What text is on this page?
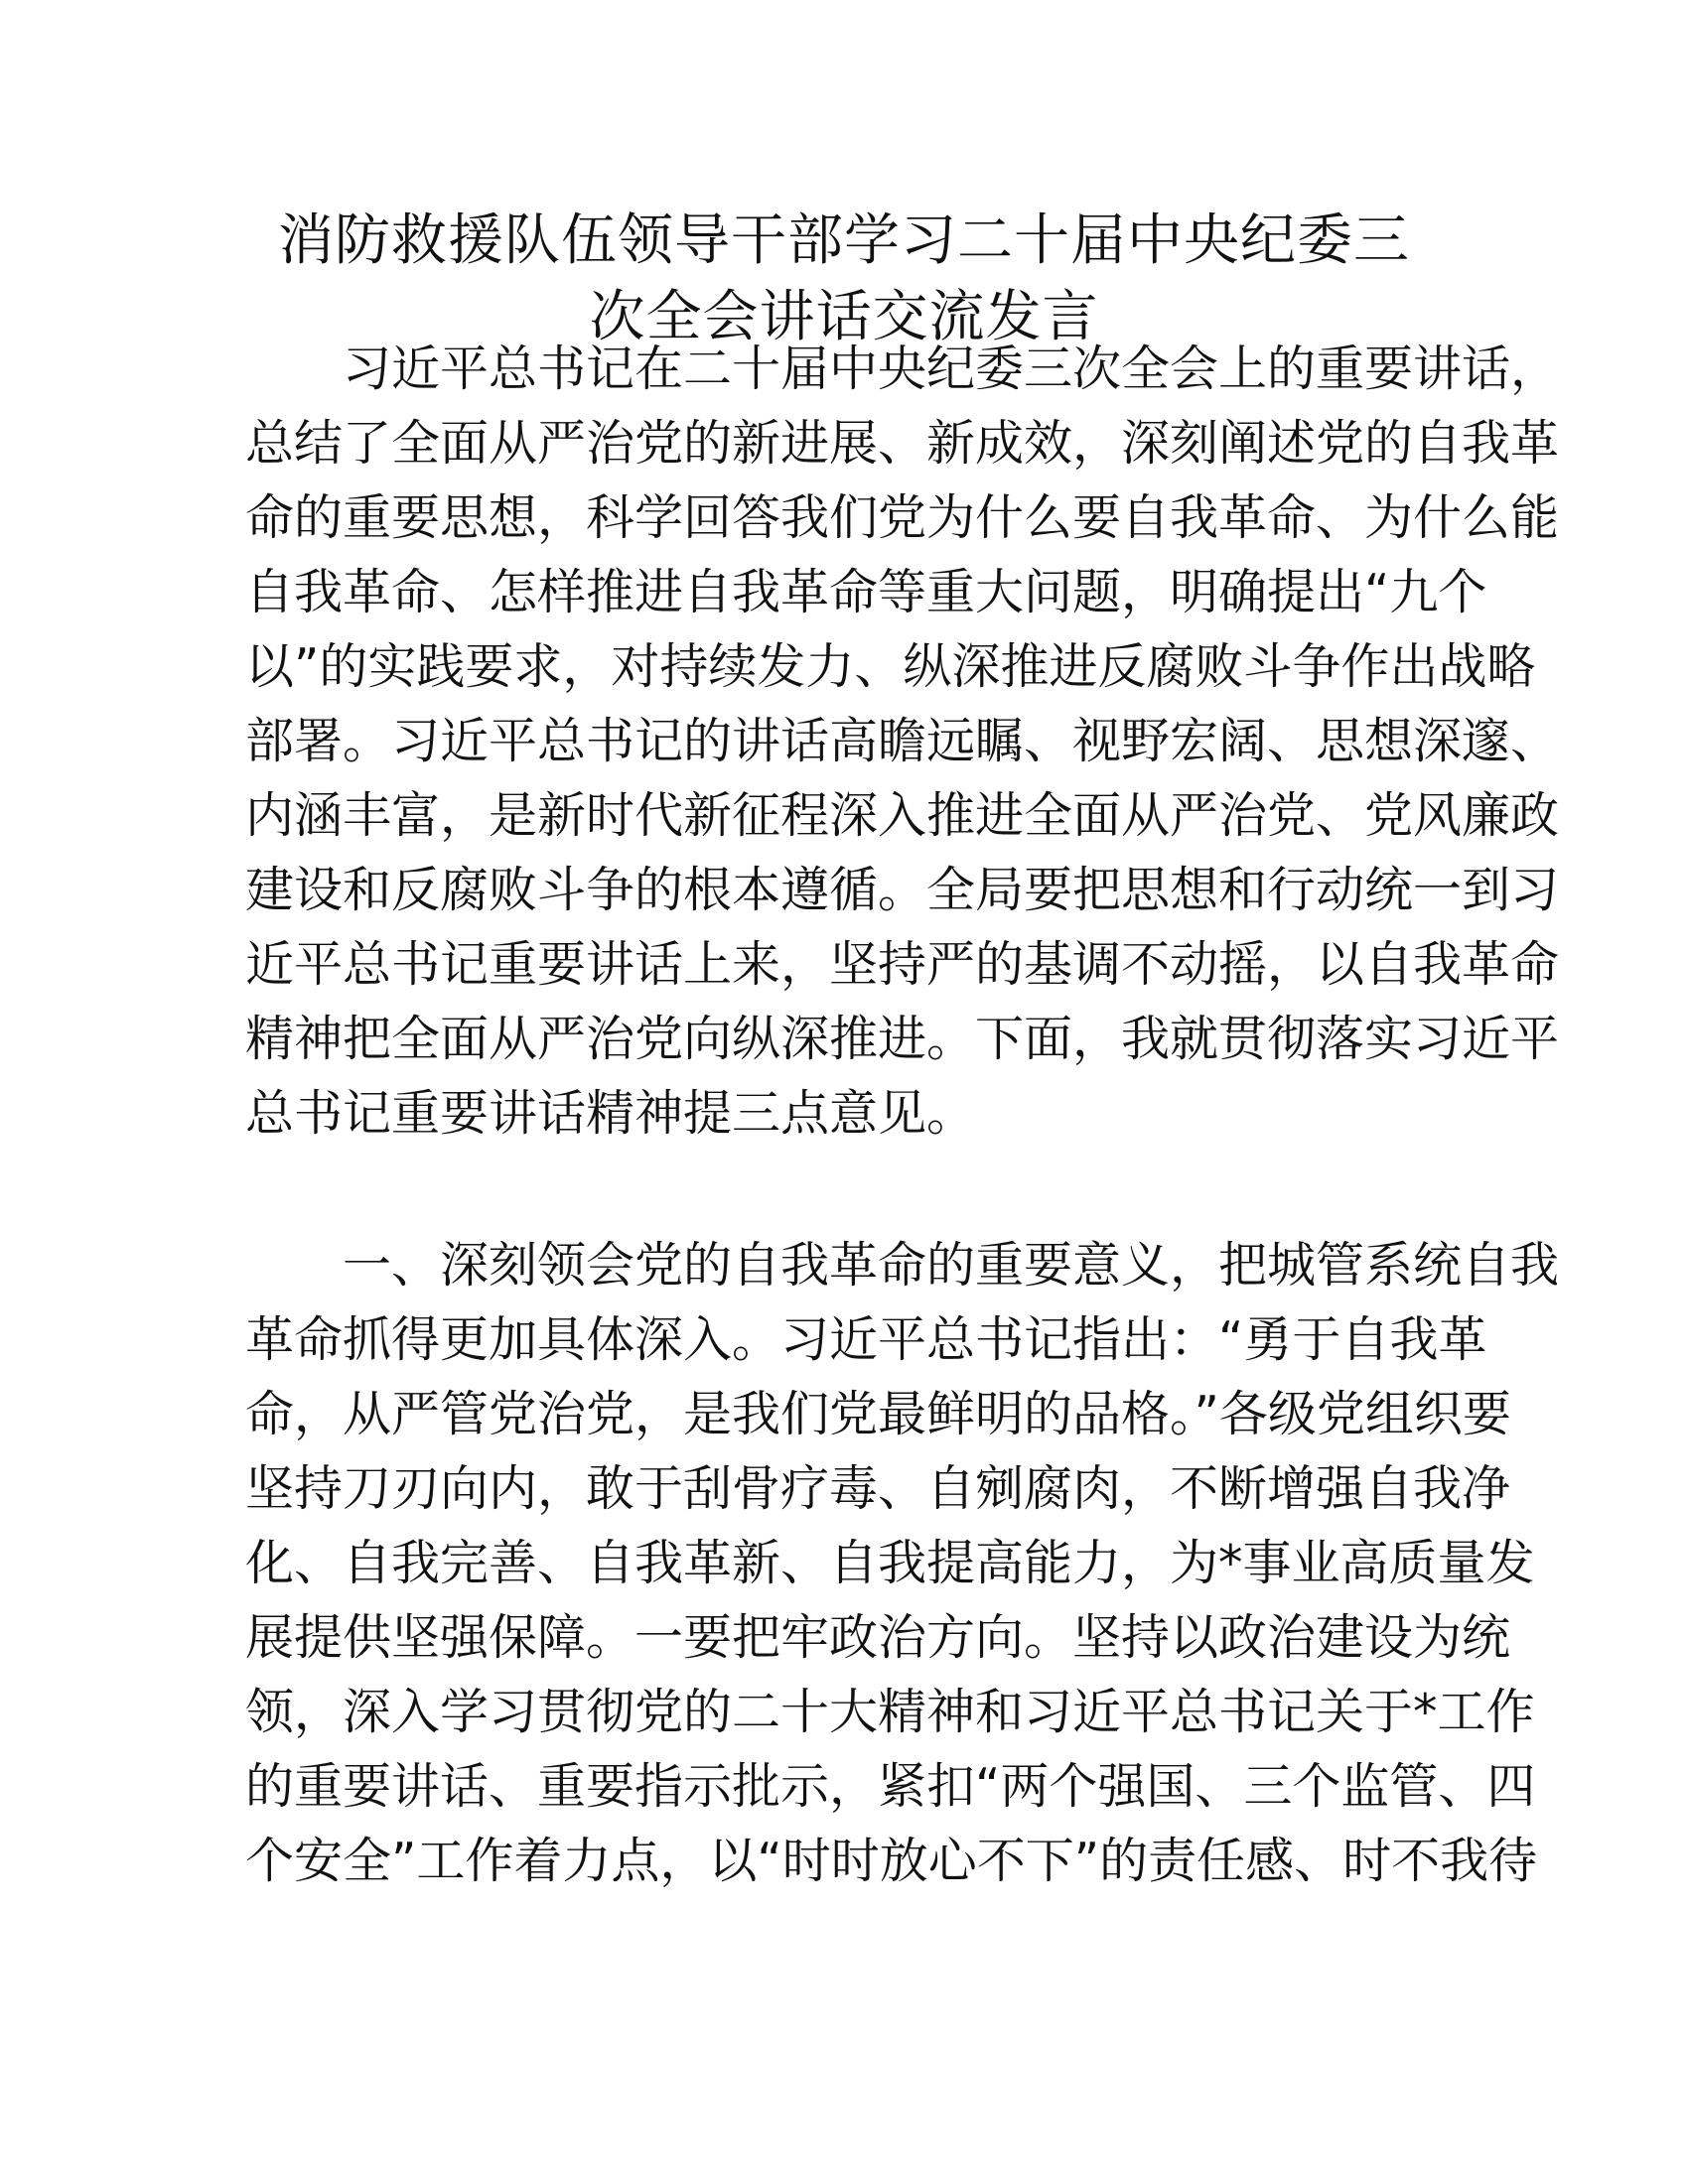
消防救援队伍领导干部学习二十届中央纪委三
次全会讲话交流发言
习近平总书记在二十届中央纪委三次全会上的重要讲话，
总结了全面从严治党的新进展、新成效，深刻阐述党的自我革
命的重要思想，科学回答我们党为什么要自我革命、为什么能
自我革命、怎样推进自我革命等重大问题，明确提出“九个
以”的实践要求，对持续发力、纵深推进反腐败斗争作出战略
部署。习近平总书记的讲话高瞻远瞩、视野宏阔、思想深邃、
内涵丰富，是新时代新征程深入推进全面从严治党、党风廉政
建设和反腐败斗争的根本遵循。全局要把思想和行动统一到习
近平总书记重要讲话上来，坚持严的基调不动摇，以自我革命
精神把全面从严治党向纵深推进。下面，我就贯彻落实习近平
总书记重要讲话精神提三点意见。
一、深刻领会党的自我革命的重要意义，把城管系统自我
革命抓得更加具体深入。习近平总书记指出：“勇于自我革
命，从严管党治党，是我们党最鲜明的品格。”各级党组织要
坚持刀刃向内，敢于刮骨疗毒、自剜腐肉，不断增强自我净
化、自我完善、自我革新、自我提高能力，为*事业高质量发
展提供坚强保障。一要把牢政治方向。坚持以政治建设为统
领，深入学习贯彻党的二十大精神和习近平总书记关于*工作
的重要讲话、重要指示批示，紧扣“两个强国、三个监管、四
个安全”工作着力点，以“时时放心不下”的责任感、时不我待
